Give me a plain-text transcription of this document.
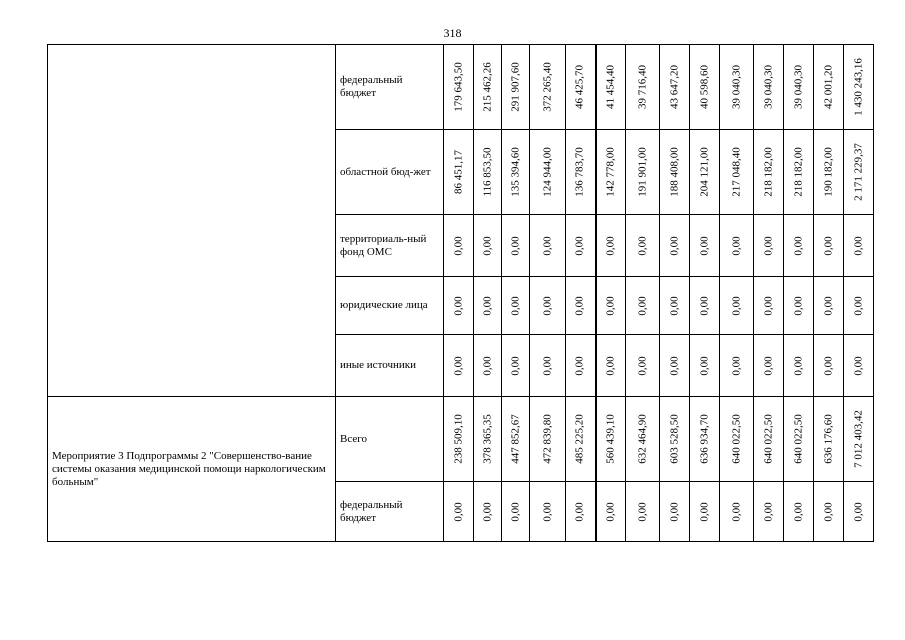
318
	федеральный бюджет	179 643,50	215 462,26	291 907,60	372 265,40	46 425,70	41 454,40	39 716,40	43 647,20	40 598,60	39 040,30	39 040,30	39 040,30	42 001,20	1 430 243,16

	областной бюд-жет	86 451,17	116 853,50	135 394,60	124 944,00	136 783,70	142 778,00	191 901,00	188 408,00	204 121,00	217 048,40	218 182,00	218 182,00	190 182,00	2 171 229,37

	территориаль-ный фонд ОМС	0,00	0,00	0,00	0,00	0,00	0,00	0,00	0,00	0,00	0,00	0,00	0,00	0,00	0,00

	юридические лица	0,00	0,00	0,00	0,00	0,00	0,00	0,00	0,00	0,00	0,00	0,00	0,00	0,00	0,00

	иные источники	0,00	0,00	0,00	0,00	0,00	0,00	0,00	0,00	0,00	0,00	0,00	0,00	0,00	0,00

Мероприятие 3 Подпрограммы 2 "Совершенство-вание системы оказания медицинской помощи наркологическим больным"	Всего	238 509,10	378 365,35	447 852,67	472 839,80	485 225,20	560 439,10	632 464,90	603 528,50	636 934,70	640 022,50	640 022,50	640 022,50	636 176,60	7 012 403,42

	федеральный бюджет	0,00	0,00	0,00	0,00	0,00	0,00	0,00	0,00	0,00	0,00	0,00	0,00	0,00	0,00
